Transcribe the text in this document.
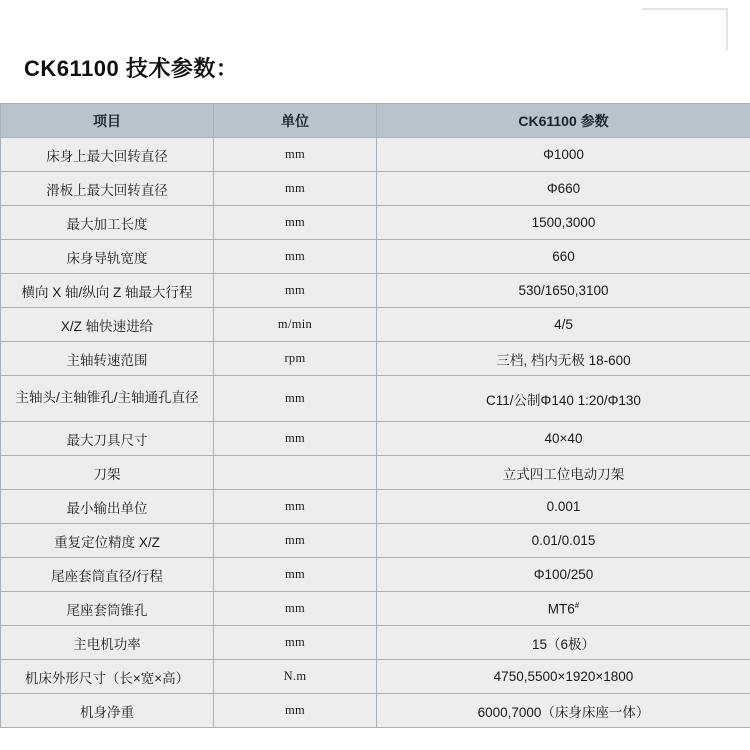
CK61100 技术参数：
项目	单位	CK61100 参数
床身上最大回转直径	mm	Φ1000
滑板上最大回转直径	mm	Φ660
最大加工长度	mm	1500,3000
床身导轨宽度	mm	660
横向 X 轴/纵向 Z 轴最大行程	mm	530/1650,3100
X/Z 轴快速进给	m/min	4/5
主轴转速范围	rpm	三档, 档内无极 18-600
主轴头/主轴锥孔/主轴通孔直径	mm	C11/公制Φ140 1:20/Φ130
最大刀具尺寸	mm	40×40
刀架		立式四工位电动刀架
最小输出单位	mm	0.001
重复定位精度 X/Z	mm	0.01/0.015
尾座套筒直径/行程	mm	Φ100/250
尾座套筒锥孔	mm	MT6#
主电机功率	mm	15（6极）
机床外形尺寸（长×宽×高）	N.m	4750,5500×1920×1800
机身净重	mm	6000,7000（床身床座一体）
